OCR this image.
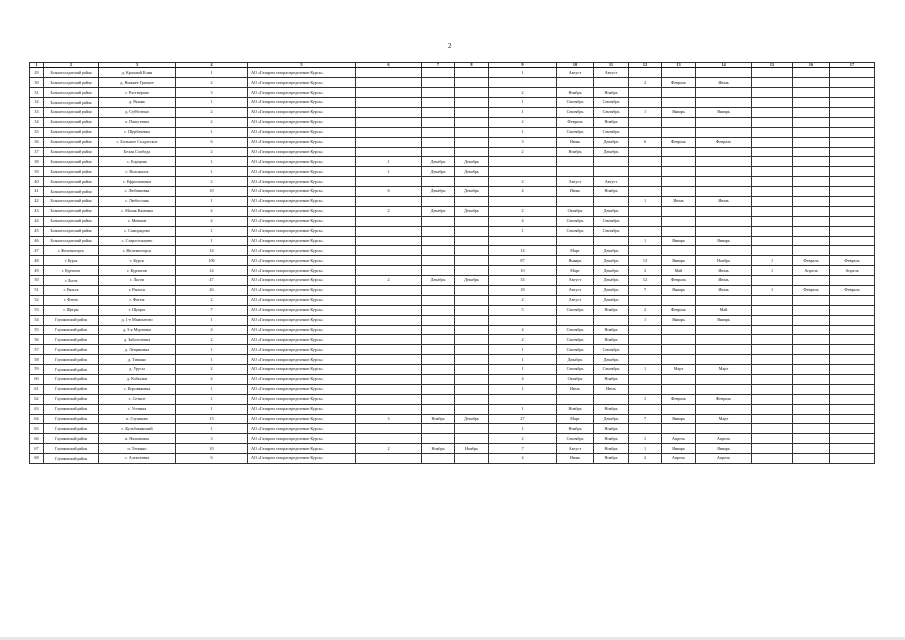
2
1	2	3	4	5	6	7	8	9	10	11	12	13	14	15	16	17
29	Большесолдатский район	д. Красный Клин	1	АО «Газпром газораспределение Курск»				1	Август	Август						
30	Большесолдатский район	д. Нижнее Грязное	2	АО «Газпром газораспределение Курск»							2	Февраль	Июнь			
31	Большесолдатский район	с. Растворово	3	АО «Газпром газораспределение Курск»				2	Ноябрь	Ноябрь						
32	Большесолдатский район	д. Рязань	1	АО «Газпром газораспределение Курск»				1	Сентябрь	Сентябрь						
33	Большесолдатский район	д. Субботино	2	АО «Газпром газораспределение Курск»				1	Сентябрь	Сентябрь	1	Январь	Январь			
34	Большесолдатский район	х. Пашутовка	2	АО «Газпром газораспределение Курск»				2	Февраль	Ноябрь						
35	Большесолдатский район	с. Щербачевка	1	АО «Газпром газораспределение Курск»				1	Сентябрь	Сентябрь						
36	Большесолдатский район	с. Большое Солдатское	6	АО «Газпром газораспределение Курск»				3	Июнь	Декабрь	6	Февраль	Февраль			
37	Большесолдатский район	Белая Слобода	2	АО «Газпром газораспределение Курск»				2	Ноябрь	Декабрь						
38	Большесолдатский район	с. Борщень	1	АО «Газпром газораспределение Курск»	1	Декабрь	Декабрь									
39	Большесолдатский район	с. Волоконск	1	АО «Газпром газораспределение Курск»	1	Декабрь	Декабрь									
40	Большесолдатский район	с. Ефросимовка	2	АО «Газпром газораспределение Курск»				2	Август	Август						
41	Большесолдатский район	с. Любимовка	10	АО «Газпром газораспределение Курск»	6	Декабрь	Декабрь	4	Июнь	Ноябрь						
42	Большесолдатский район	с. Любостань	1	АО «Газпром газораспределение Курск»							1	Июнь	Июнь			
43	Большесолдатский район	с. Малая Каменка	4	АО «Газпром газораспределение Курск»	2	Декабрь	Декабрь	2	Октябрь	Декабрь						
44	Большесолдатский район	с. Мешков	4	АО «Газпром газораспределение Курск»				4	Сентябрь	Сентябрь						
45	Большесолдатский район	с. Саморядово	1	АО «Газпром газораспределение Курск»				1	Сентябрь	Сентябрь						
46	Большесолдатский район	с. Старосельцево	1	АО «Газпром газораспределение Курск»							1	Январь	Январь			
47	г. Железногорск	г. Железногорск	14	АО «Газпром газораспределение Курск»				14	Март	Декабрь						
48	г. Курск	г. Курск	106	АО «Газпром газораспределение Курск»				87	Январь	Декабрь	13	Январь	Ноябрь	1	Февраль	Февраль
49	г. Курчатов	г. Курчатов	14	АО «Газпром газораспределение Курск»				10	Март	Декабрь	3	Май	Июнь	1	Апрель	Апрель
50	г. Льгов	г. Льгов	47	АО «Газпром газораспределение Курск»	2	Декабрь	Декабрь	33	Август	Декабрь	12	Февраль	Июнь			
51	г. Рыльск	г. Рыльск	26	АО «Газпром газораспределение Курск»				18	Август	Декабрь	7	Январь	Июнь	1	Февраль	Февраль
52	г. Фатеж	г. Фатеж	2	АО «Газпром газораспределение Курск»				2	Август	Декабрь						
53	г. Щигры	г. Щигры	7	АО «Газпром газораспределение Курск»				5	Сентябрь	Ноябрь	2	Февраль	Май			
54	Глушковский район	д. 1-е Мамонтово	1	АО «Газпром газораспределение Курск»							1	Январь	Январь			
55	Глушковский район	д. 3-я Мурзовка	4	АО «Газпром газораспределение Курск»				4	Сентябрь	Ноябрь						
56	Глушковский район	д. Заболотовка	2	АО «Газпром газораспределение Курск»				2	Сентябрь	Ноябрь						
57	Глушковский район	д. Лещиновка	1	АО «Газпром газораспределение Курск»				1	Сентябрь	Сентябрь						
58	Глушковский район	д. Тимино	1	АО «Газпром газораспределение Курск»				1	Декабрь	Декабрь						
59	Глушковский район	д. Урусы	2	АО «Газпром газораспределение Курск»				1	Сентябрь	Сентябрь	1	Март	Март			
60	Глушковский район	д. Кобылки	4	АО «Газпром газораспределение Курск»				4	Октябрь	Ноябрь						
61	Глушковский район	с. Коровяковка	1	АО «Газпром газораспределение Курск»				1	Июль	Июль						
62	Глушковский район	с. Сетное	1	АО «Газпром газораспределение Курск»							1	Февраль	Февраль			
63	Глушковский район	с. Устинка	1	АО «Газпром газораспределение Курск»				1	Ноябрь	Ноябрь						
64	Глушковский район	п. Глушково	13	АО «Газпром газораспределение Курск»	3	Ноябрь	Декабрь	27	Март	Декабрь	7	Январь	Март			
65	Глушковский район	с. Кульбакинский	1	АО «Газпром газораспределение Курск»				1	Ноябрь	Ноябрь						
66	Глушковский район	п. Нахимовка	3	АО «Газпром газораспределение Курск»				2	Сентябрь	Ноябрь	1	Апрель	Апрель			
67	Глушковский район	п. Теткино	10	АО «Газпром газораспределение Курск»	2	Ноябрь	Ноябрь	7	Август	Ноябрь	1	Январь	Январь			
68	Глушковский район	с. Алексеевка	6	АО «Газпром газораспределение Курск»				4	Июнь	Ноябрь	2	Апрель	Апрель			
